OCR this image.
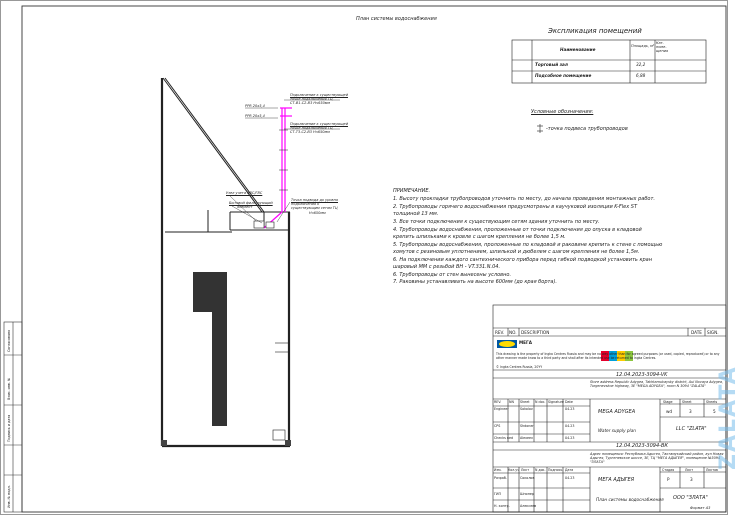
План системы водоснабжения
Экспликация помещений
Наименование
Площадь, м²
Кат. поме-щения
Торговый зал	32,2
Подсобное помещение	6,88
Условные обозначения:
-точка подвеса трубопроводов
Подключение к существующей
точке подключения ТЦ
СТ-В1-С2-В3 Hч650мм
Подключение к существующей
точке подключения ТЦ
СТ-Т3-С2-В3 Hч650мм
PPR 20х3,4
PPR 20х3,4
Узел учета ХВС/ГВС
Бытовой фильтрующий
элемент
Точка подвода до уровня
подключения к
существующим сетям ТЦ
Hч650мм
ПРИМЕЧАНИЕ.
1. Высоту прокладки трубопроводов уточнить по месту, до начала проведения монтажных работ.
2. Трубопроводы горячего водоснабжения предусмотрены в каучуковой изоляции K-Flex ST
толщиной 13 мм.
3. Все точки подключения к существующим сетям здания уточнить по месту.
4. Трубопроводы водоснабжения, проложенные от точки подключения до опуска в кладовой
крепить шпильками к кровле с шагом крепления не более 1,5 м.
5. Трубопроводы водоснабжения, проложенные по кладовой и раковине крепить к стене с помощью
хомутов с резиновым уплотнением, шпилькой и дюбелем с шагом крепления не более 1,5м.
6. На подключении каждого сантехнического прибора перед гибкой подводкой установить кран
шаровый ММ с резьбой ВН - VT.331.N.04.
6. Трубопроводы от стен вынесены условно.
7. Раковины устанавливать на высоте 600мм (до края борта).
REV. NO. DESCRIPTION	DATE SIGN.
МЕГА
This drawing is the property of Ingka Centres Russia and may be no way other than for agreed purposes (or used, copied, reproduced) or to any other manner made know to a third party and shall after its intended use be returned to Ingka Centres.
© Ingka Centres Russia, 20YY
12.04.2023-3094-VK
Store address Republic Adygea, Takhtamukaysky district, Aul Novaya Adygea, Turgenevskoe highway, 3E "MEGA ADYGEA", room N 3094 "ZALATA"
REV. NN Sheet N doc. Signature Date
Engineer	Sokolov	04.23
CPS	Shdoner	04.23
Checks ned Alexeev	04.23
MEGA ADYGEA
Stage	Sheet	Sheets
wd	3	5
Water supply plan	LLC "ZLATA"
12.04.2023-3094-ВК
Адрес помещения: Республика Адыгея, Тахтамукайский район, аул Новая Адыгея, Тургеневское шоссе, 3Е, ТЦ "МЕГА АДЫГЕЯ", помещение №3094 "ЗЛАТА"
Изм. Кол.уч Лист N док. Подпись Дата
Разраб.	Соколов	04.23
ГИП	Шпонер
Н. контр.	Алексеев
МЕГА АДЫГЕЯ
Стадия	Лист	Листов
Р	3
План системы водоснабжения ООО "ЗЛАТА"
Формат А3
ZALATA
Согласовано
Взам. инв. №
Подпись и дата
Инв. № подл.
